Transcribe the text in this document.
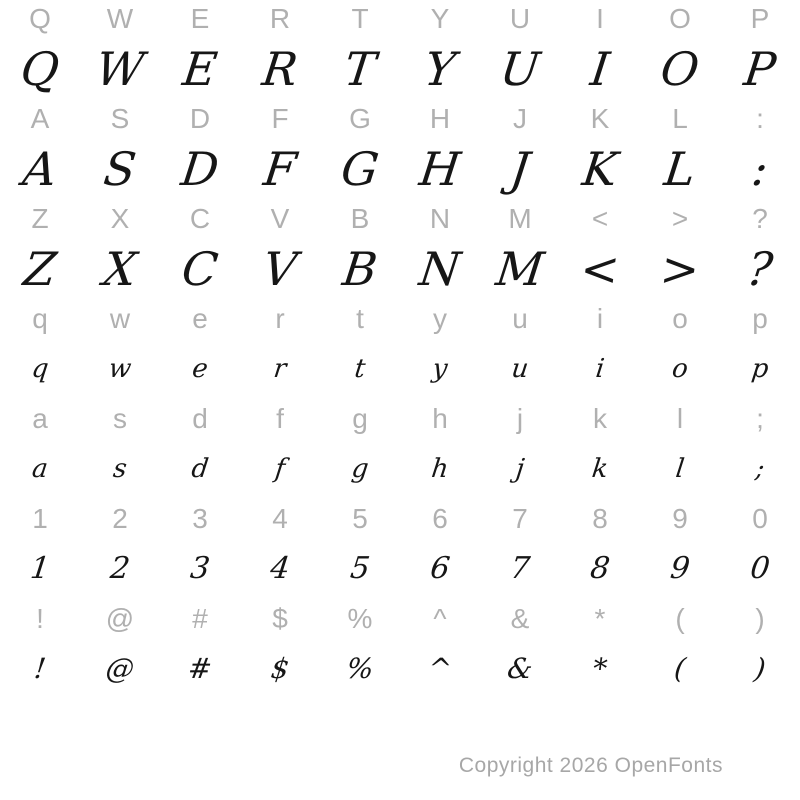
Q	W	E	R	T	Y	U	I	O	P
Q W E R T Y U I O P
A	S	D	F	G	H	J	K	L	:
A S D F G H J	K L	:
Z	X	C	V	B	N	M	<	>	?
Z X C V B N M < > ?
q	w	e	r	t	y	u	i	o	p
q	w	e	r	t	y	u	i	o	p
a	s	d	f	g	h	j	k	l	;
a	s	d	f	g	h	j	k	l	;
1	2	3	4	5	6	7	8	9	0
1	2	3	4	5	6	7	8	9	0
!	@	#	$	%	^	&	*	(	)
!	@	#	$	%	^	&	*	(	)
Copyright 2026 OpenFonts
